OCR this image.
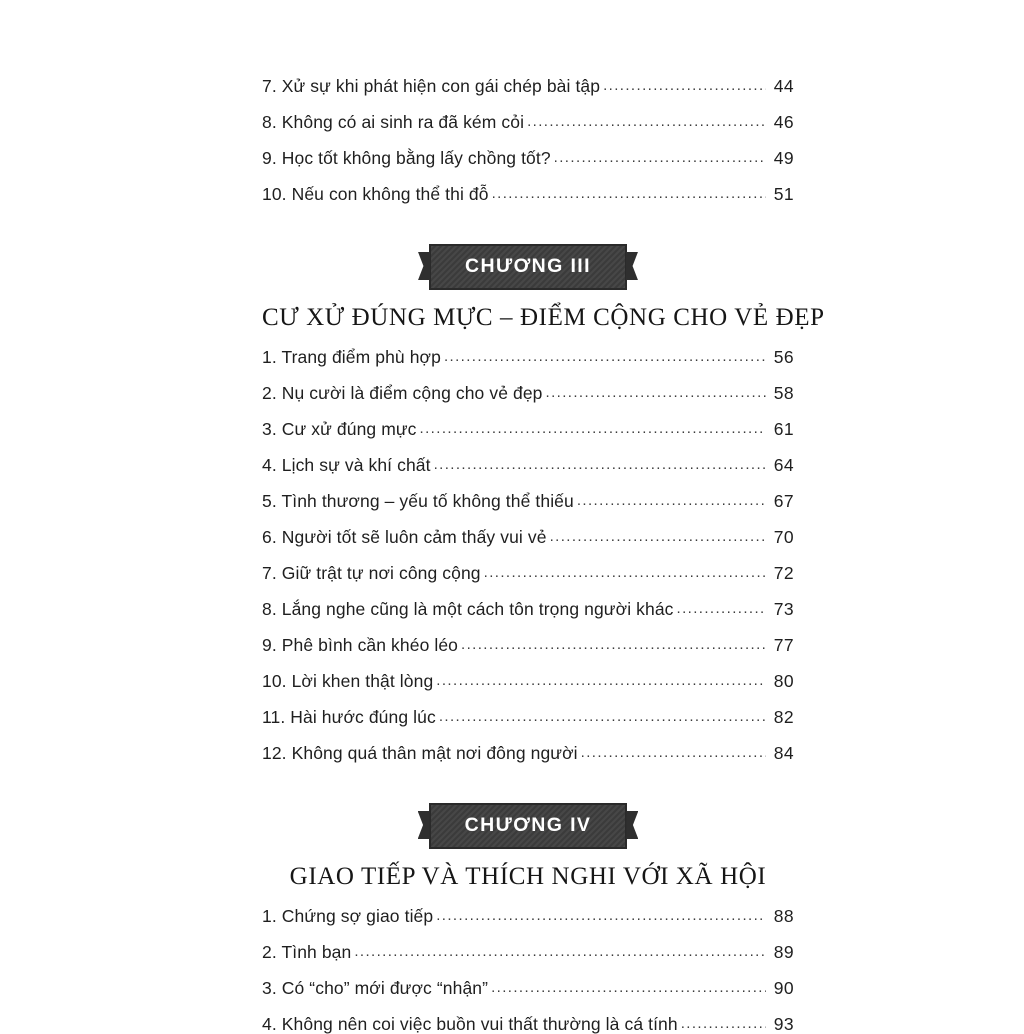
7. Xử sự khi phát hiện con gái chép bài tập .....	44
8. Không có ai sinh ra đã kém cỏi .....	46
9. Học tốt không bằng lấy chồng tốt? .....	49
10. Nếu con không thể thi đỗ .....	51
CHƯƠNG III
CƯ XỬ ĐÚNG MỰC – ĐIỂM CỘNG CHO VẺ ĐẸP
1. Trang điểm phù hợp .....	56
2. Nụ cười là điểm cộng cho vẻ đẹp .....	58
3. Cư xử đúng mực .....	61
4. Lịch sự và khí chất .....	64
5. Tình thương – yếu tố không thể thiếu .....	67
6. Người tốt sẽ luôn cảm thấy vui vẻ .....	70
7. Giữ trật tự nơi công cộng .....	72
8. Lắng nghe cũng là một cách tôn trọng người khác .....	73
9. Phê bình cần khéo léo .....	77
10. Lời khen thật lòng .....	80
11. Hài hước đúng lúc .....	82
12. Không quá thân mật nơi đông người .....	84
CHƯƠNG IV
GIAO TIẾP VÀ THÍCH NGHI VỚI XÃ HỘI
1. Chứng sợ giao tiếp .....	88
2. Tình bạn .....	89
3. Có “cho” mới được “nhận” .....	90
4. Không nên coi việc buồn vui thất thường là cá tính .....	93
